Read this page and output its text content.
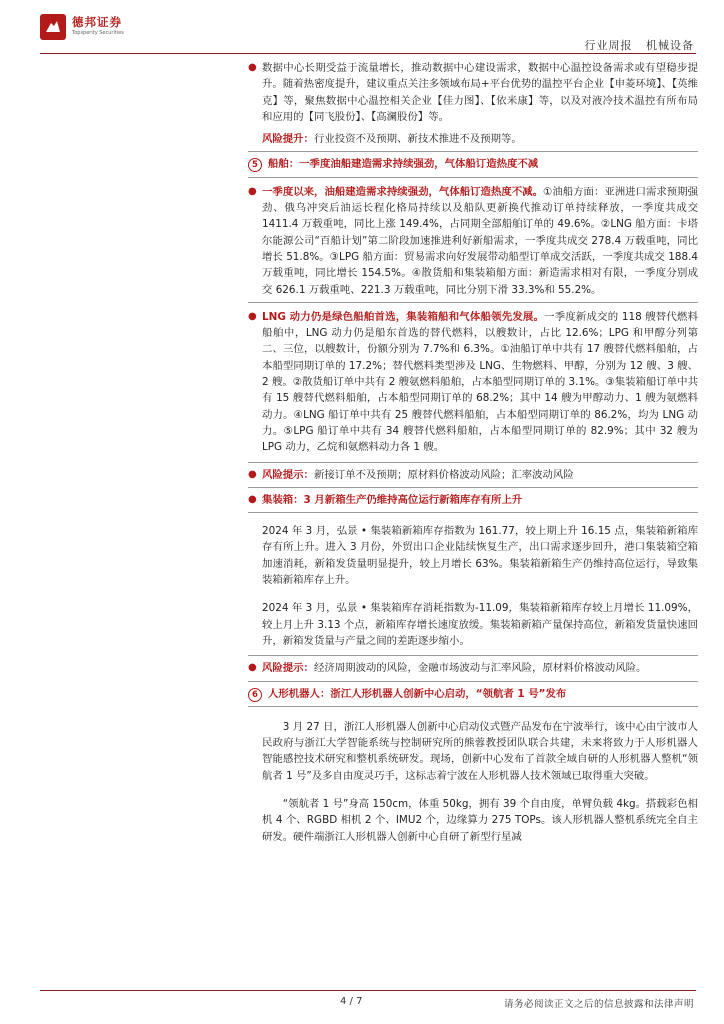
德邦证券
Topsperity Securities
行业周报 机械设备
● 数据中心长期受益于流量增长，推动数据中心建设需求，数据中心温控设备需求或有望稳步提升。随着热密度提升，建议重点关注多领域布局+平台优势的温控平台企业【申菱环境】、【英维克】等，聚焦数据中心温控相关企业【佳力图】、【依米康】等，以及对液冷技术温控有所布局和应用的【同飞股份】、【高澜股份】等。

风险提升：行业投资不及预期、新技术推进不及预期等。

5 船舶：一季度油船建造需求持续强劲，气体船订造热度不减

● 一季度以来，油船建造需求持续强劲，气体船订造热度不减。①油船方面：亚洲进口需求预期强劲、俄乌冲突后油运长程化格局持续以及船队更新换代推动订单持续释放，一季度共成交 1411.4 万载重吨，同比上涨 149.4%，占同期全部船舶订单的 49.6%。②LNG 船方面：卡塔尔能源公司“百船计划”第二阶段加速推进利好新船需求，一季度共成交 278.4 万载重吨，同比增长 51.8%。③LPG 船方面：贸易需求向好发展带动船型订单成交活跃，一季度共成交 188.4 万载重吨，同比增长 154.5%。④散货船和集装箱船方面：新造需求相对有限，一季度分别成交 626.1 万载重吨、221.3 万载重吨，同比分别下滑 33.3%和 55.2%。

● LNG 动力仍是绿色船舶首选，集装箱船和气体船领先发展。一季度新成交的 118 艘替代燃料船舶中，LNG 动力仍是船东首选的替代燃料，以艘数计，占比 12.6%；LPG 和甲醇分列第二、三位，以艘数计，份额分别为 7.7%和 6.3%。①油船订单中共有 17 艘替代燃料船舶，占本船型同期订单的 17.2%；替代燃料类型涉及 LNG、生物燃料、甲醇，分别为 12 艘、3 艘、2 艘。②散货船订单中共有 2 艘氨燃料船舶，占本船型同期订单的 3.1%。③集装箱船订单中共有 15 艘替代燃料船舶，占本船型同期订单的 68.2%；其中 14 艘为甲醇动力、1 艘为氨燃料动力。④LNG 船订单中共有 25 艘替代燃料船舶，占本船型同期订单的 86.2%，均为 LNG 动力。⑤LPG 船订单中共有 34 艘替代燃料船舶，占本船型同期订单的 82.9%；其中 32 艘为 LPG 动力，乙烷和氨燃料动力各 1 艘。

● 风险提示：新接订单不及预期；原材料价格波动风险；汇率波动风险

● 集装箱：3 月新箱生产仍维持高位运行新箱库存有所上升

2024 年 3 月，弘景 • 集装箱新箱库存指数为 161.77，较上期上升 16.15 点，集装箱新箱库存有所上升。进入 3 月份，外贸出口企业陆续恢复生产，出口需求逐步回升，港口集装箱空箱加速消耗，新箱发货量明显提升，较上月增长 63%。集装箱新箱生产仍维持高位运行，导致集装箱新箱库存上升。

2024 年 3 月，弘景 • 集装箱库存消耗指数为-11.09，集装箱新箱库存较上月增长 11.09%，较上月上升 3.13 个点，新箱库存增长速度放缓。集装箱新箱产量保持高位，新箱发货量快速回升，新箱发货量与产量之间的差距逐步缩小。

● 风险提示：经济周期波动的风险，金融市场波动与汇率风险，原材料价格波动风险。

6 人形机器人：浙江人形机器人创新中心启动，“领航者 1 号”发布

3 月 27 日，浙江人形机器人创新中心启动仪式暨产品发布在宁波举行，该中心由宁波市人民政府与浙江大学智能系统与控制研究所的熊蓉教授团队联合共建，未来将致力于人形机器人智能感控技术研究和整机系统研发。现场，创新中心发布了首款全域自研的人形机器人整机“领航者 1 号”及多自由度灵巧手，这标志着宁波在人形机器人技术领域已取得重大突破。

“领航者 1 号”身高 150cm，体重 50kg，拥有 39 个自由度，单臂负载 4kg。搭载彩色相机 4 个、RGBD 相机 2 个、IMU2 个，边缘算力 275 TOPs。该人形机器人整机系统完全自主研发。硬件端浙江人形机器人创新中心自研了新型行星减

4 / 7	请务必阅读正文之后的信息披露和法律声明
